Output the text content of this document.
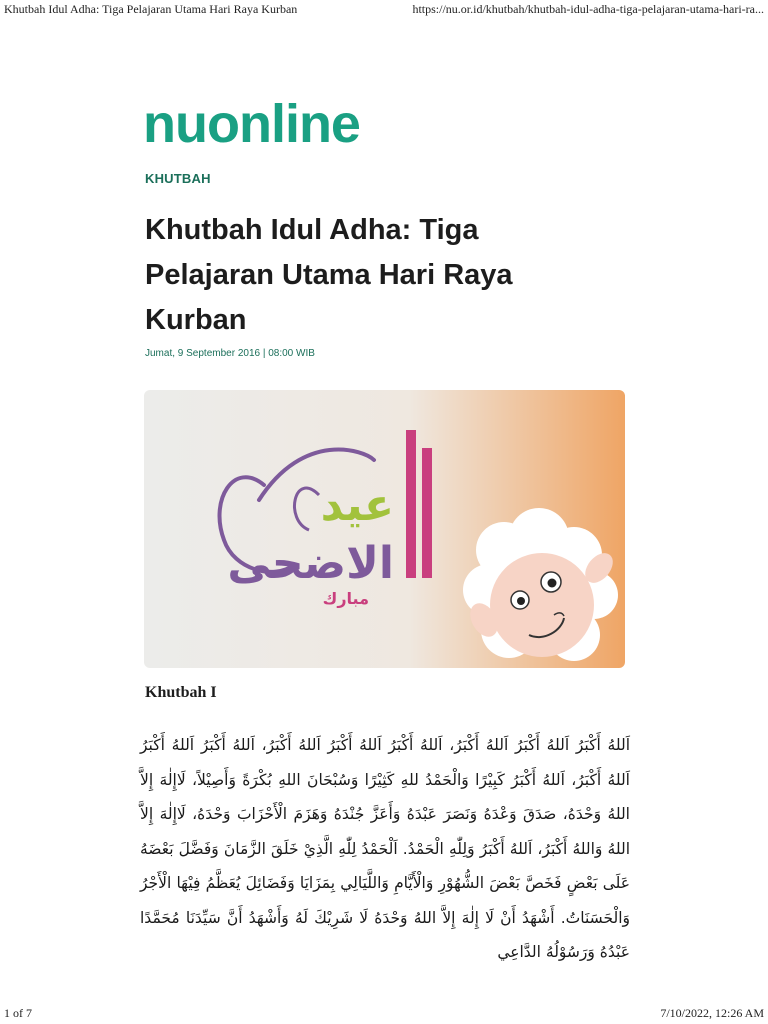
Khutbah Idul Adha: Tiga Pelajaran Utama Hari Raya Kurban	https://nu.or.id/khutbah/khutbah-idul-adha-tiga-pelajaran-utama-hari-ra...
nuonline
KHUTBAH
Khutbah Idul Adha: Tiga Pelajaran Utama Hari Raya Kurban
Jumat, 9 September 2016 | 08:00 WIB
عيد
الاضحى
مبارك
Khutbah I

اَللهُ أَكْبَرُ اَللهُ أَكْبَرُ اَللهُ أَكْبَرُ، اَللهُ أَكْبَرُ اَللهُ أَكْبَرُ اَللهُ أَكْبَرُ، اَللهُ أَكْبَرُ اَللهُ أَكْبَرُ اَللهُ أَكْبَرُ، اَللهُ أَكْبَرُ كَبِيْرًا وَالْحَمْدُ للهِ كَثِيْرًا وَسُبْحَانَ اللهِ بُكْرَةً وَأَصِيْلاً، لَاإِلٰهَ إِلاَّ اللهُ وَحْدَهُ، صَدَقَ وَعْدَهُ وَنَصَرَ عَبْدَهُ وَأَعَزَّ جُنْدَهُ وَهَزَمَ الْأَحْزَابَ وَحْدَهُ، لَاإِلٰهَ إِلاَّ اللهُ وَاللهُ أَكْبَرُ، اَللهُ أَكْبَرُ وَلِلّٰهِ الْحَمْدُ. اَلْحَمْدُ لِلّٰهِ الَّذِيْ خَلَقَ الزَّمَانَ وَفَضَّلَ بَعْضَهُ عَلَى بَعْضٍ فَخَصَّ بَعْضَ الشُّهُوْرِ وَالْأَيَّامِ وَاللَّيَالِي بِمَزَايَا وَفَضَائِلَ يُعَظَّمُ فِيْهَا الْأَجْرُ وَالْحَسَنَاتُ. أَشْهَدُ أَنْ لَا إِلٰهَ إِلاَّ اللهُ وَحْدَهُ لَا شَرِيْكَ لَهُ وَأَشْهَدُ أَنَّ سَيِّدَنَا مُحَمَّدًا عَبْدُهُ وَرَسُوْلُهُ الدَّاعِي

1 of 7	7/10/2022, 12:26 AM
